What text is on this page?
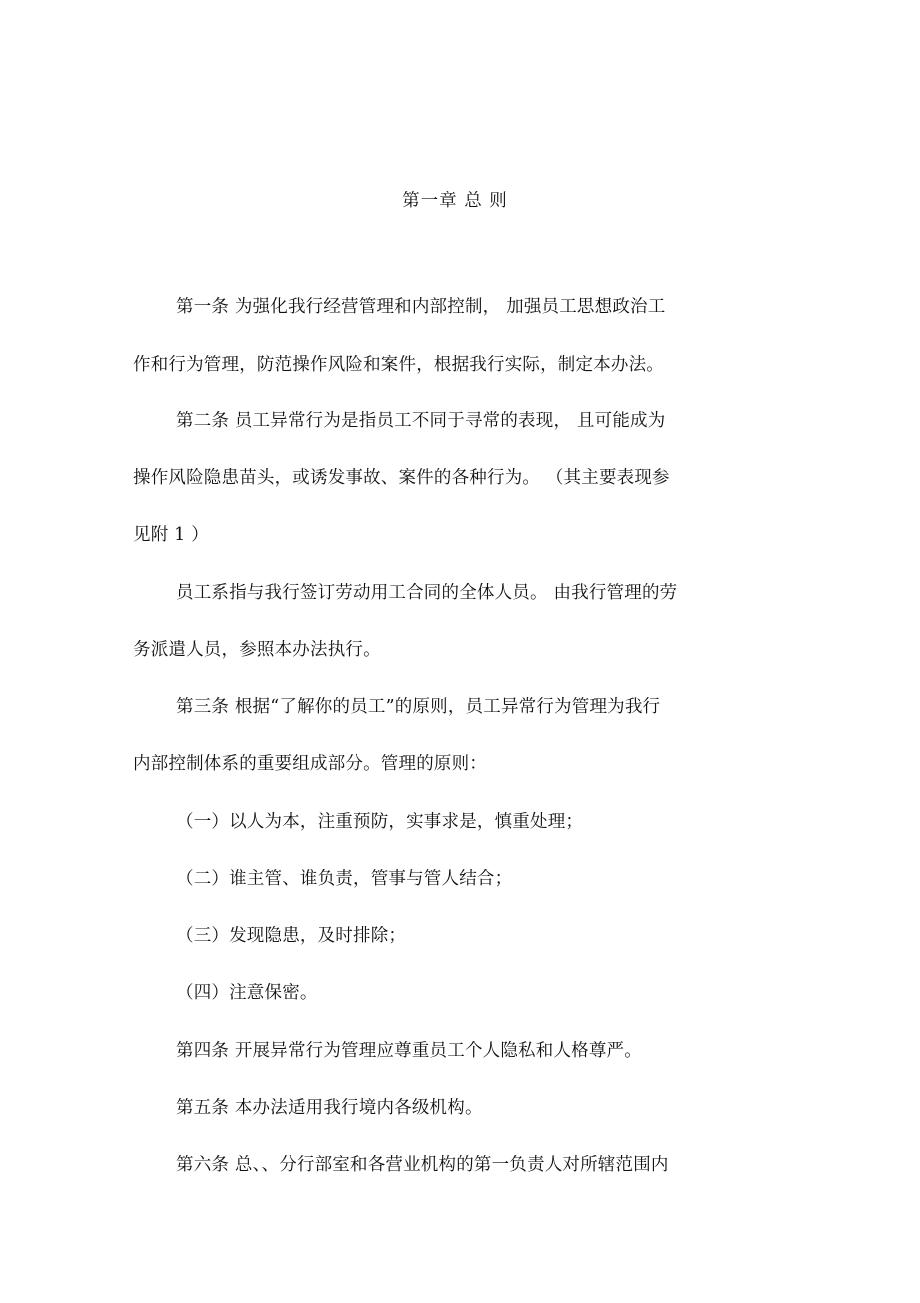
第一章 总 则
第一条 为强化我行经营管理和内部控制， 加强员工思想政治工
作和行为管理，防范操作风险和案件，根据我行实际，制定本办法。
第二条 员工异常行为是指员工不同于寻常的表现， 且可能成为
操作风险隐患苗头，或诱发事故、案件的各种行为。 （其主要表现参
见附 1 ）
员工系指与我行签订劳动用工合同的全体人员。 由我行管理的劳
务派遣人员，参照本办法执行。
第三条 根据“了解你的员工”的原则，员工异常行为管理为我行
内部控制体系的重要组成部分。管理的原则：
（一）以人为本，注重预防，实事求是，慎重处理；
（二）谁主管、谁负责，管事与管人结合；
（三）发现隐患，及时排除；
（四）注意保密。
第四条 开展异常行为管理应尊重员工个人隐私和人格尊严。
第五条 本办法适用我行境内各级机构。
第六条 总、、分行部室和各营业机构的第一负责人对所辖范围内
